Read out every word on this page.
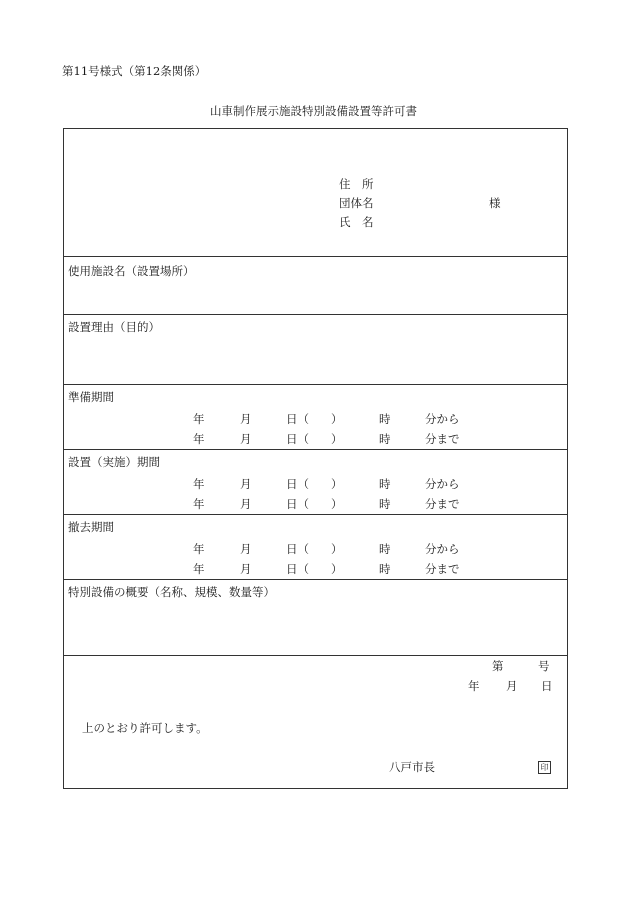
第11号様式（第12条関係）
山車制作展示施設特別設備設置等許可書
住　所
団体名	様
氏　名
使用施設名（設置場所）
設置理由（目的）
準備期間
年	月	日（ ）	時	分から
年	月	日（ ）	時	分まで
設置（実施）期間
年	月	日（ ）	時	分から
年	月	日（ ）	時	分まで
撤去期間
年	月	日（ ）	時	分から
年	月	日（ ）	時	分まで
特別設備の概要（名称、規模、数量等）
第	号
年 月 日
上のとおり許可します。
八戸市長	印
